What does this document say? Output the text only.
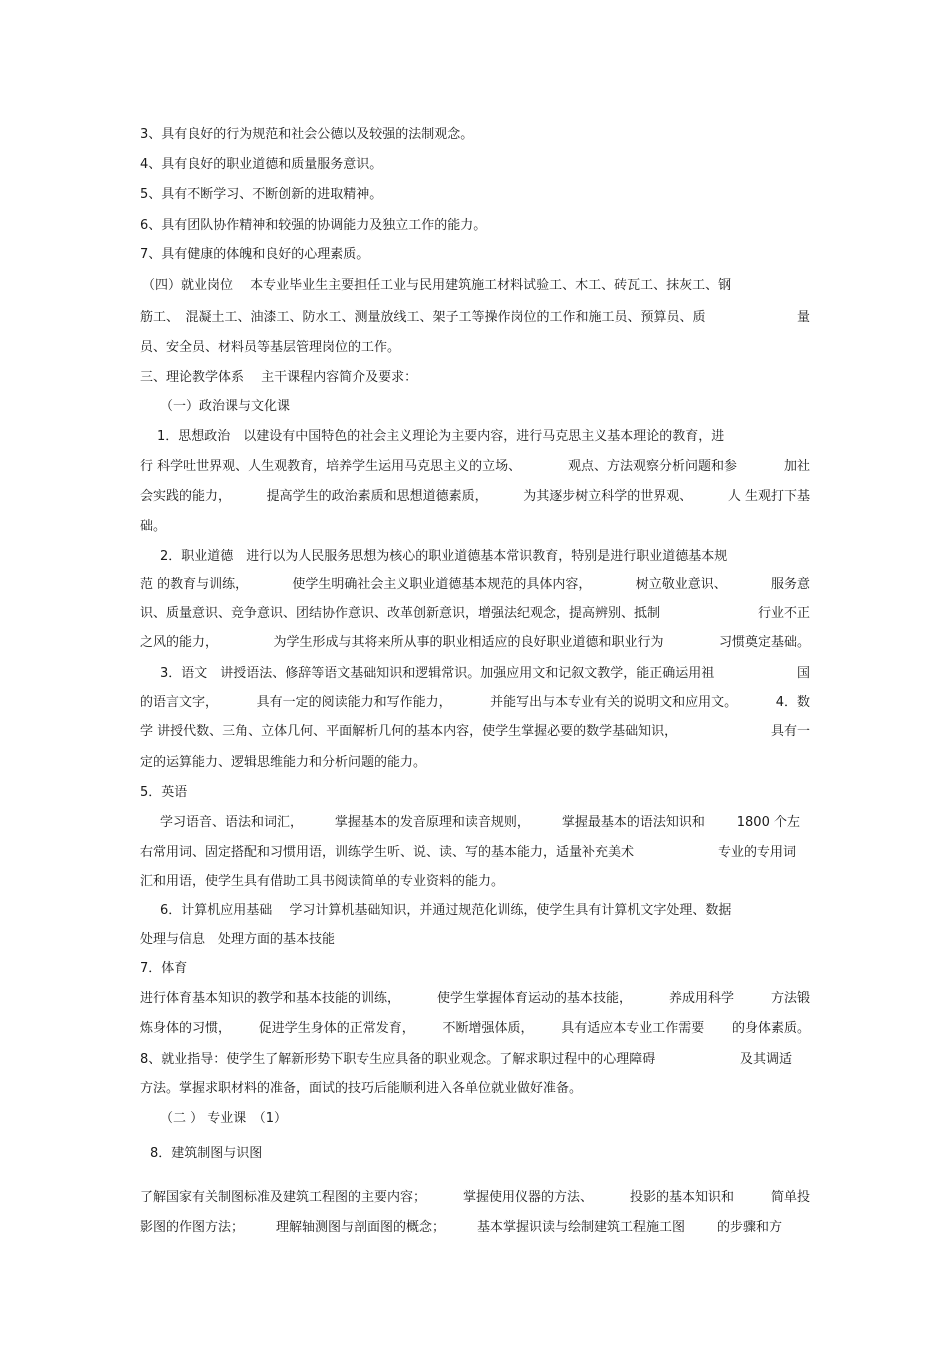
3、具有良好的行为规范和社会公德以及较强的法制观念。
4、具有良好的职业道德和质量服务意识。
5、具有不断学习、不断创新的进取精神。
6、具有团队协作精神和较强的协调能力及独立工作的能力。
7、具有健康的体魄和良好的心理素质。
（四）就业岗位　 本专业毕业生主要担任工业与民用建筑施工材料试验工、木工、砖瓦工、抹灰工、钢
筋工、　混凝土工、油漆工、防水工、测量放线工、架子工等操作岗位的工作和施工员、预算员、质	量
员、安全员、材料员等基层管理岗位的工作。
三、理论教学体系　 主干课程内容简介及要求：
（一）政治课与文化课
1．思想政治　以建设有中国特色的社会主义理论为主要内容，进行马克思主义基本理论的教育，进
行 科学吐世界观、人生观教育，培养学生运用马克思主义的立场、	观点、方法观察分析问题和参	加社
会实践的能力，	提高学生的政治素质和思想道德素质，	为其逐步树立科学的世界观、	人 生观打下基
础。
2．职业道德　进行以为人民服务思想为核心的职业道德基本常识教育，特别是进行职业道德基本规
范 的教育与训练，	使学生明确社会主义职业道德基本规范的具体内容，	树立敬业意识、	服务意
识、质量意识、竞争意识、团结协作意识、改革创新意识，增强法纪观念，提高辨别、抵制	行业不正
之风的能力，	为学生形成与其将来所从事的职业相适应的良好职业道德和职业行为	习惯奠定基础。
3．语文　讲授语法、修辞等语文基础知识和逻辑常识。加强应用文和记叙文教学，能正确运用祖	国
的语言文字，	具有一定的阅读能力和写作能力，	并能写出与本专业有关的说明文和应用文。	4．数
学 讲授代数、三角、立体几何、平面解析几何的基本内容，使学生掌握必要的数学基础知识，	具有一
定的运算能力、逻辑思维能力和分析问题的能力。
5．英语
学习语音、语法和词汇， 掌握基本的发音原理和读音规则， 掌握最基本的语法知识和 1800 个左
右常用词、固定搭配和习惯用语，训练学生听、说、读、写的基本能力，适量补充美术	专业的专用词
汇和用语，使学生具有借助工具书阅读简单的专业资料的能力。
6．计算机应用基础　 学习计算机基础知识，并通过规范化训练，使学生具有计算机文字处理、数据
处理与信息　处理方面的基本技能
7．体育
进行体育基本知识的教学和基本技能的训练，	使学生掌握体育运动的基本技能，	养成用科学	方法锻
炼身体的习惯， 促进学生身体的正常发育， 不断增强体质， 具有适应本专业工作需要 的身体素质。
8、就业指导：使学生了解新形势下职专生应具备的职业观念。了解求职过程中的心理障碍	及其调适
方法。掌握求职材料的准备，面试的技巧后能顺利进入各单位就业做好准备。
（二 ） 专业课　（1）
8．建筑制图与识图
了解国家有关制图标准及建筑工程图的主要内容；	掌握使用仪器的方法、	投影的基本知识和	简单投
影图的作图方法； 理解轴测图与剖面图的概念； 基本掌握识读与绘制建筑工程施工图 的步骤和方
